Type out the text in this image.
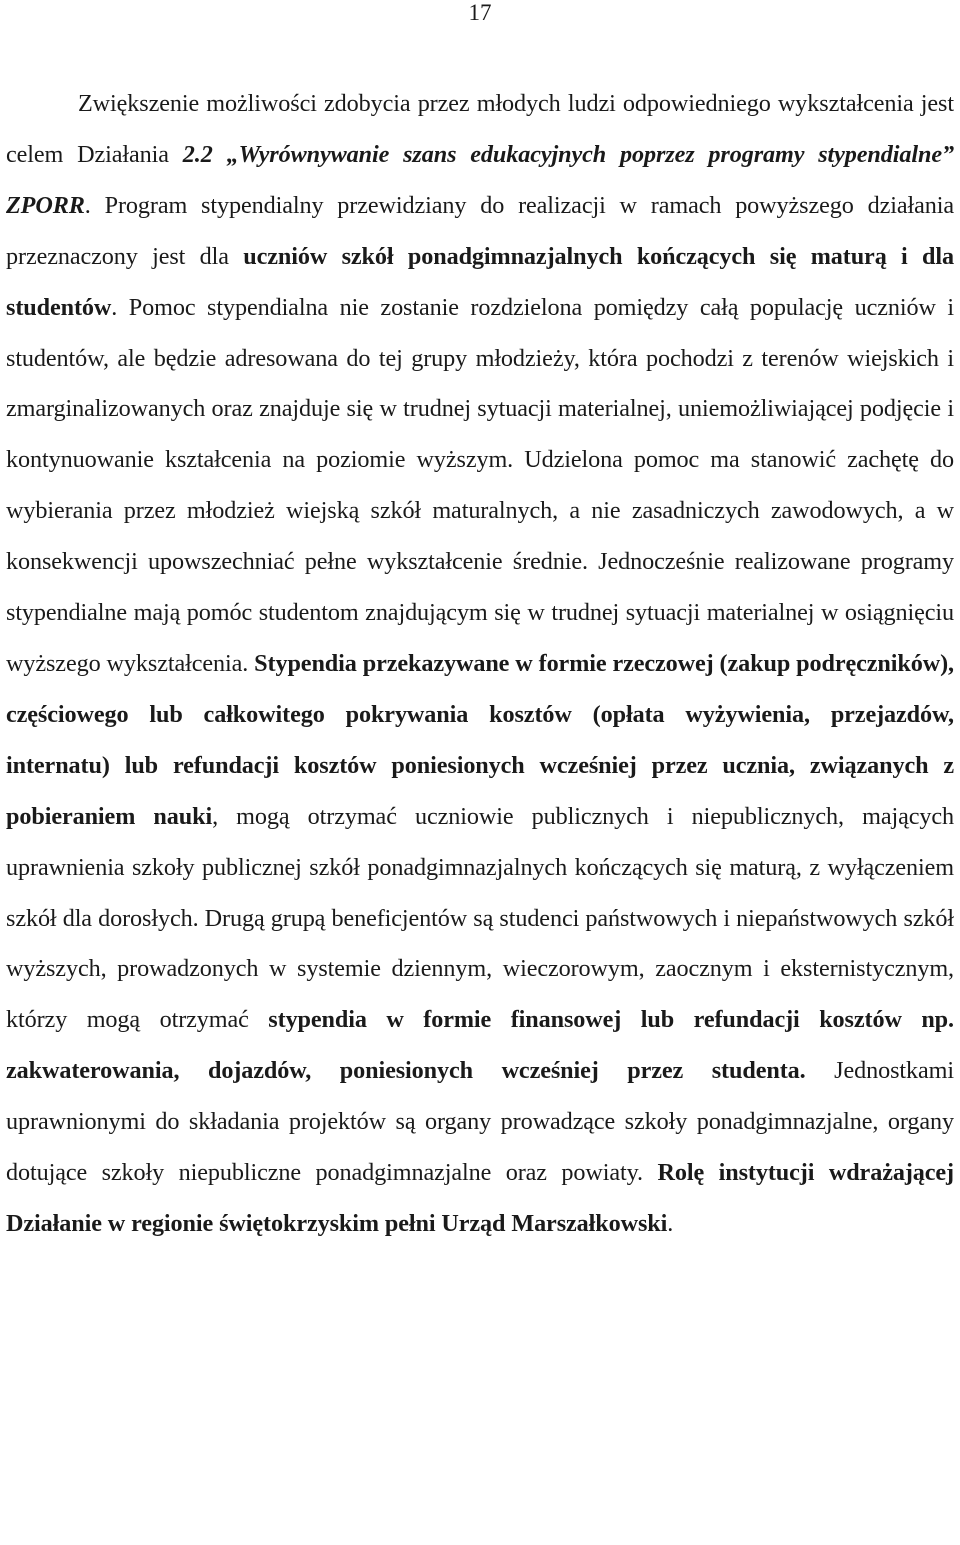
17

Zwiększenie możliwości zdobycia przez młodych ludzi odpowiedniego wykształcenia jest celem Działania 2.2 „Wyrównywanie szans edukacyjnych poprzez programy stypendialne” ZPORR. Program stypendialny przewidziany do realizacji w ramach powyższego działania przeznaczony jest dla uczniów szkół ponadgimnazjalnych kończących się maturą i dla studentów. Pomoc stypendialna nie zostanie rozdzielona pomiędzy całą populację uczniów i studentów, ale będzie adresowana do tej grupy młodzieży, która pochodzi z terenów wiejskich i zmarginalizowanych oraz znajduje się w trudnej sytuacji materialnej, uniemożliwiającej podjęcie i kontynuowanie kształcenia na poziomie wyższym. Udzielona pomoc ma stanowić zachętę do wybierania przez młodzież wiejską szkół maturalnych, a nie zasadniczych zawodowych, a w konsekwencji upowszechniać pełne wykształcenie średnie. Jednocześnie realizowane programy stypendialne mają pomóc studentom znajdującym się w trudnej sytuacji materialnej w osiągnięciu wyższego wykształcenia. Stypendia przekazywane w formie rzeczowej (zakup podręczników), częściowego lub całkowitego pokrywania kosztów (opłata wyżywienia, przejazdów, internatu) lub refundacji kosztów poniesionych wcześniej przez ucznia, związanych z pobieraniem nauki, mogą otrzymać uczniowie publicznych i niepublicznych, mających uprawnienia szkoły publicznej szkół ponadgimnazjalnych kończących się maturą, z wyłączeniem szkół dla dorosłych. Drugą grupą beneficjentów są studenci państwowych i niepaństwowych szkół wyższych, prowadzonych w systemie dziennym, wieczorowym, zaocznym i eksternistycznym, którzy mogą otrzymać stypendia w formie finansowej lub refundacji kosztów np. zakwaterowania, dojazdów, poniesionych wcześniej przez studenta. Jednostkami uprawnionymi do składania projektów są organy prowadzące szkoły ponadgimnazjalne, organy dotujące szkoły niepubliczne ponadgimnazjalne oraz powiaty. Rolę instytucji wdrażającej Działanie w regionie świętokrzyskim pełni Urząd Marszałkowski.
